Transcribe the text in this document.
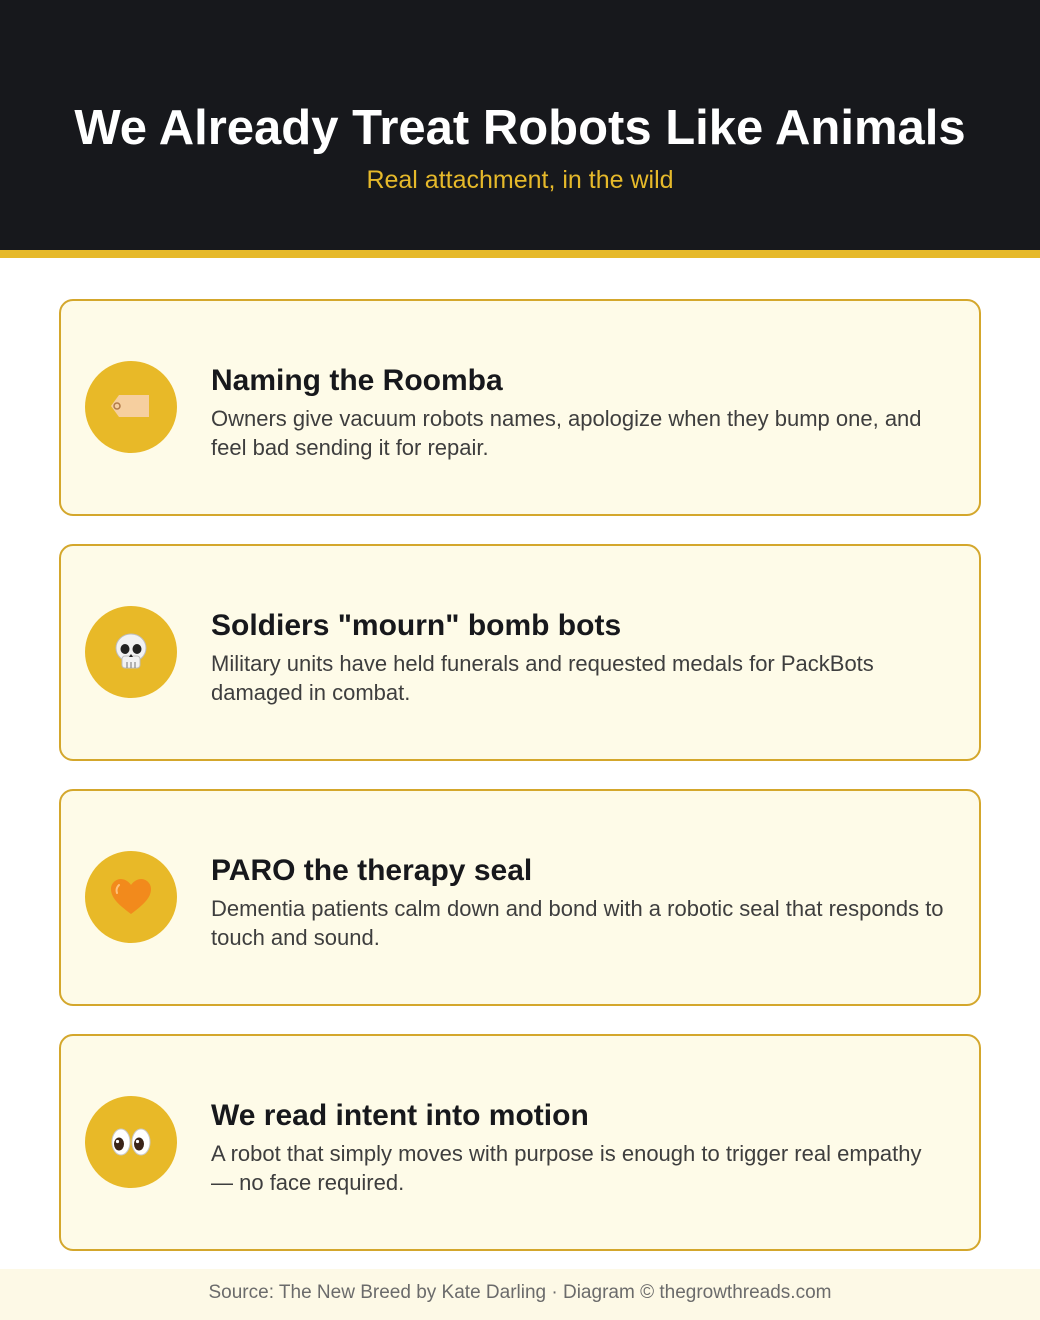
We Already Treat Robots Like Animals

Real attachment, in the wild

Naming the Roomba

Owners give vacuum robots names, apologize when they bump one, and feel bad sending it for repair.

Soldiers "mourn" bomb bots

Military units have held funerals and requested medals for PackBots damaged in combat.

PARO the therapy seal

Dementia patients calm down and bond with a robotic seal that responds to touch and sound.

We read intent into motion

A robot that simply moves with purpose is enough to trigger real empathy — no face required.

Source: The New Breed by Kate Darling · Diagram © thegrowthreads.com
